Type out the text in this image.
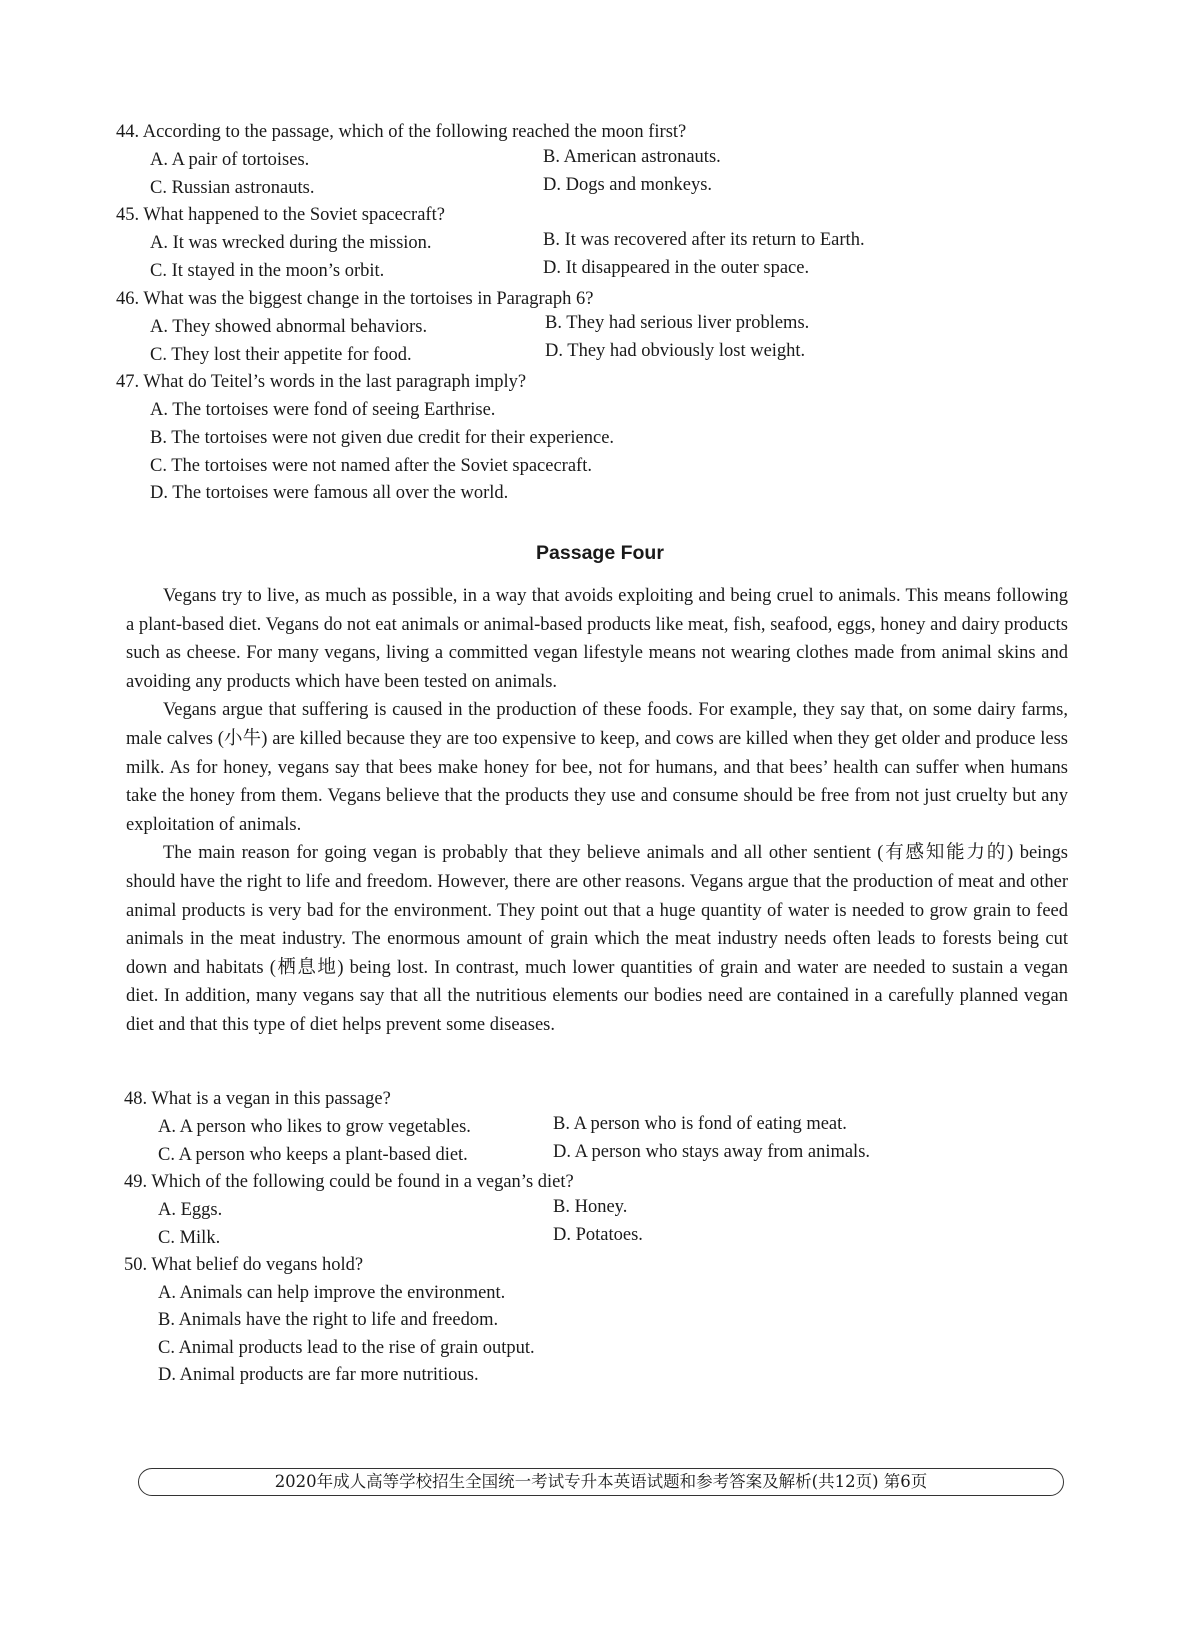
44. According to the passage, which of the following reached the moon first?
A. A pair of tortoises.	B. American astronauts.
C. Russian astronauts.	D. Dogs and monkeys.
45. What happened to the Soviet spacecraft?
A. It was wrecked during the mission.	B. It was recovered after its return to Earth.
C. It stayed in the moon’s orbit.	D. It disappeared in the outer space.
46. What was the biggest change in the tortoises in Paragraph 6?
A. They showed abnormal behaviors.	B. They had serious liver problems.
C. They lost their appetite for food.	D. They had obviously lost weight.
47. What do Teitel’s words in the last paragraph imply?
A. The tortoises were fond of seeing Earthrise.
B. The tortoises were not given due credit for their experience.
C. The tortoises were not named after the Soviet spacecraft.
D. The tortoises were famous all over the world.
Passage Four

Vegans try to live, as much as possible, in a way that avoids exploiting and being cruel to animals. This means following a plant-based diet. Vegans do not eat animals or animal-based products like meat, fish, seafood, eggs, honey and dairy products such as cheese. For many vegans, living a committed vegan lifestyle means not wearing clothes made from animal skins and avoiding any products which have been tested on animals.

Vegans argue that suffering is caused in the production of these foods. For example, they say that, on some dairy farms, male calves (小牛) are killed because they are too expensive to keep, and cows are killed when they get older and produce less milk. As for honey, vegans say that bees make honey for bee, not for humans, and that bees’ health can suffer when humans take the honey from them. Vegans believe that the products they use and consume should be free from not just cruelty but any exploitation of animals.

The main reason for going vegan is probably that they believe animals and all other sentient (有感知能力的) beings should have the right to life and freedom. However, there are other reasons. Vegans argue that the production of meat and other animal products is very bad for the environment. They point out that a huge quantity of water is needed to grow grain to feed animals in the meat industry. The enormous amount of grain which the meat industry needs often leads to forests being cut down and habitats (栖息地) being lost. In contrast, much lower quantities of grain and water are needed to sustain a vegan diet. In addition, many vegans say that all the nutritious elements our bodies need are contained in a carefully planned vegan diet and that this type of diet helps prevent some diseases.

48. What is a vegan in this passage?
A. A person who likes to grow vegetables.	B. A person who is fond of eating meat.
C. A person who keeps a plant-based diet.	D. A person who stays away from animals.
49. Which of the following could be found in a vegan’s diet?
A. Eggs.	B. Honey.
C. Milk.	D. Potatoes.
50. What belief do vegans hold?
A. Animals can help improve the environment.
B. Animals have the right to life and freedom.
C. Animal products lead to the rise of grain output.
D. Animal products are far more nutritious.
2020年成人高等学校招生全国统一考试专升本英语试题和参考答案及解析(共12页) 第6页
